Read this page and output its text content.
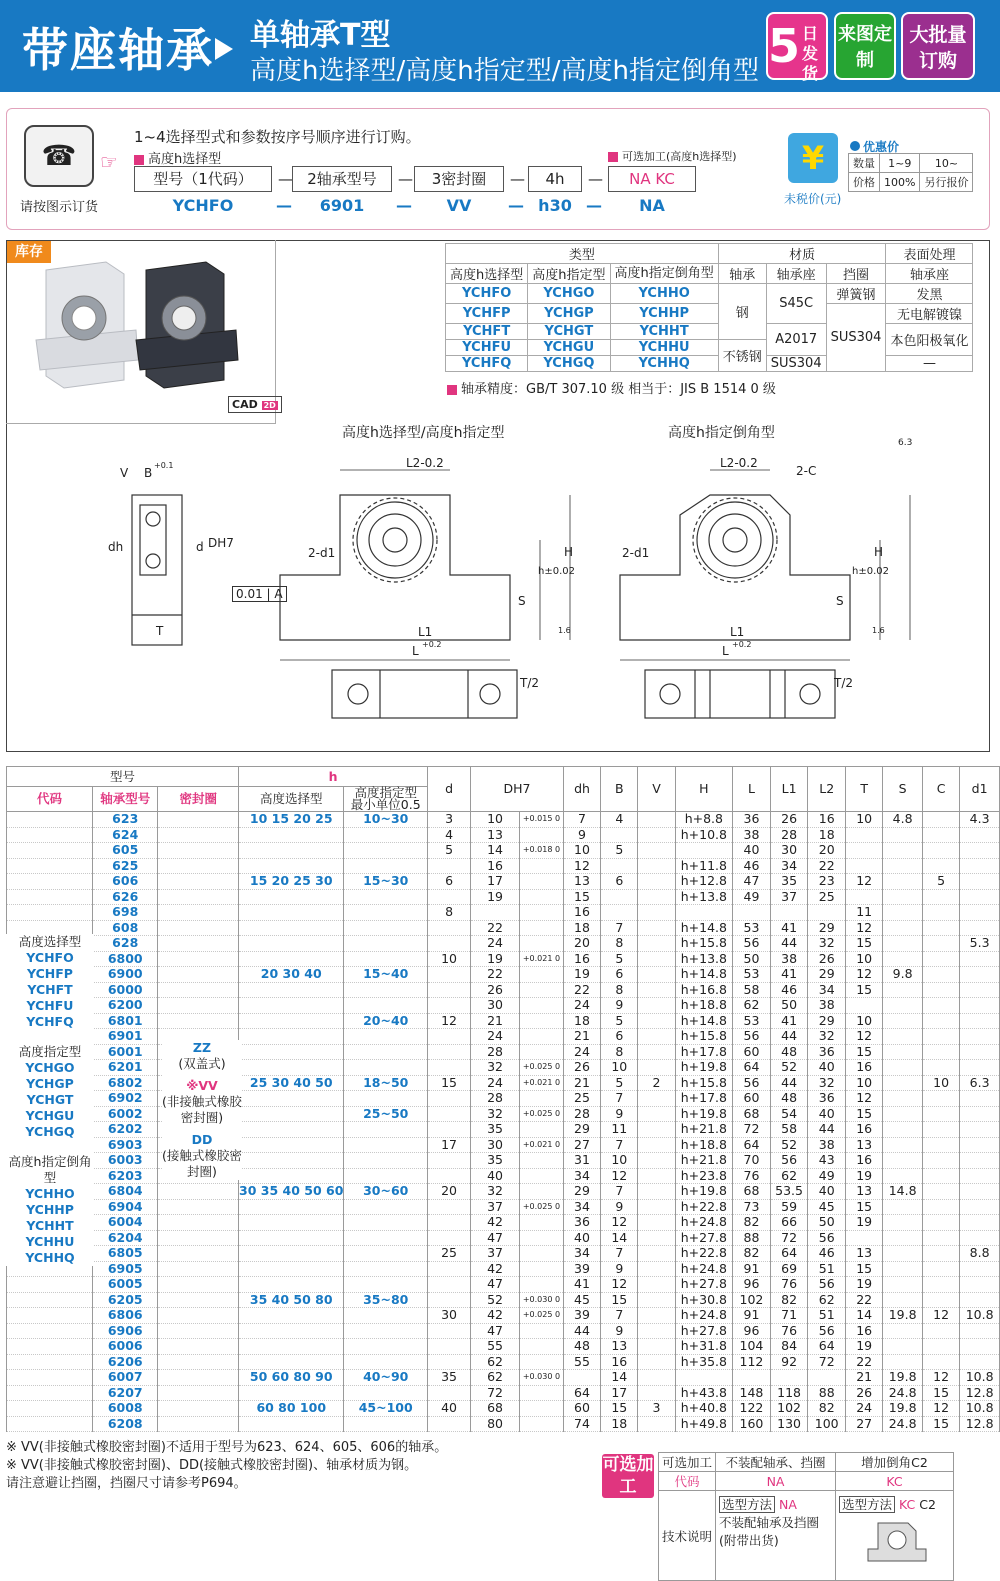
带座轴承 单轴承T型
高度h选择型/高度h指定型/高度h指定倒角型 5 日发货
来图定制
大批量订购
☎
请按图示订货
☞
1~4选择型式和参数按序号顺序进行订购。
高度h选择型	可选加工(高度h选择型)
型号（1代码）	— 2轴承型号	—	3密封圈	—	4h	—	NA KC
YCHFO	—	6901	—	VV	— h30 —	NA
¥
未税价(元)
优惠价
数量	1~9	10~
价格	100%	另行报价
库存
CAD 2D
类型			材质			表面处理
高度h选择型	高度h指定型	高度h指定倒角型				
			轴承	轴承座	挡圈	轴承座
YCHFO	YCHGO	YCHHO	钢	S45C	弹簧钢	发黑
YCHFP	YCHGP	YCHHP			SUS304	无电解镀镍
YCHFT	YCHGT	YCHHT		A2017		本色阳极氧化
YCHFU	YCHGU	YCHHU	不锈钢			
YCHFQ	YCHGQ	YCHHQ		SUS304		—
轴承精度：GB/T 307.10 级 相当于：JIS B 1514 0 级
高度h选择型/高度h指定型	高度h指定倒角型
6.3
V B
+0.1
dh	d DH7
T
0.01 | A
L2-0.2	L2-0.2
2-d1	2-d1
2-C
H	H
h±0.02	h±0.02
S	S
L1	L1
L	L
+0.2	+0.2
T/2	T/2
1.6	1.6
型号			h		d	DH7		dh	B	V	H	L	L1	L2	T	S	C	d1
代码	轴承型号	密封圈	高度选择型	高度指定型
最小单位0.5														
	623		10 15 20 25	10~30	3	10	+0.015 0	7	4		h+8.8	36	26	16	10	4.8		4.3
	624				4	13		9			h+10.8	38	28	18				
	605				5	14	+0.018 0	10	5			40	30	20				
	625					16		12			h+11.8	46	34	22				
	606		15 20 25 30	15~30	6	17		13	6		h+12.8	47	35	23	12		5	
	626					19		15			h+13.8	49	37	25				
	698				8			16							11			
	608					22		18	7		h+14.8	53	41	29	12			
	628					24		20	8		h+15.8	56	44	32	15			5.3
	6800				10	19	+0.021 0	16	5		h+13.8	50	38	26	10			
	6900		20 30 40	15~40		22		19	6		h+14.8	53	41	29	12	9.8		
	6000					26		22	8		h+16.8	58	46	34	15			
	6200					30		24	9		h+18.8	62	50	38				
	6801			20~40	12	21		18	5		h+14.8	53	41	29	10			
	6901					24		21	6		h+15.8	56	44	32	12			
	6001					28		24	8		h+17.8	60	48	36	15			
	6201					32	+0.025 0	26	10		h+19.8	64	52	40	16			
	6802		25 30 40 50	18~50	15	24	+0.021 0	21	5	2	h+15.8	56	44	32	10		10	6.3
	6902					28		25	7		h+17.8	60	48	36	12			
	6002			25~50		32	+0.025 0	28	9		h+19.8	68	54	40	15			
	6202					35		29	11		h+21.8	72	58	44	16			
	6903				17	30	+0.021 0	27	7		h+18.8	64	52	38	13			
	6003					35		31	10		h+21.8	70	56	43	16			
	6203					40		34	12		h+23.8	76	62	49	19			
	6804		30 35 40 50 60	30~60	20	32		29	7		h+19.8	68	53.5	40	13	14.8		
	6904					37	+0.025 0	34	9		h+22.8	73	59	45	15			
	6004					42		36	12		h+24.8	82	66	50	19			
	6204					47		40	14		h+27.8	88	72	56				
	6805				25	37		34	7		h+22.8	82	64	46	13			8.8
	6905					42		39	9		h+24.8	91	69	51	15			
	6005					47		41	12		h+27.8	96	76	56	19			
	6205		35 40 50 80	35~80		52	+0.030 0	45	15		h+30.8	102	82	62	22			
	6806				30	42	+0.025 0	39	7		h+24.8	91	71	51	14	19.8	12	10.8
	6906					47		44	9		h+27.8	96	76	56	16			
	6006					55		48	13		h+31.8	104	84	64	19			
	6206					62		55	16		h+35.8	112	92	72	22			
	6007		50 60 80 90	40~90	35	62	+0.030 0		14						21	19.8	12	10.8
	6207					72		64	17		h+43.8	148	118	88	26	24.8	15	12.8
	6008		60 80 100	45~100	40	68		60	15	3	h+40.8	122	102	82	24	19.8	12	10.8
	6208					80		74	18		h+49.8	160	130	100	27	24.8	15	12.8
高度选择型
YCHFO
YCHFP
YCHFT
YCHFU
YCHFQ
高度指定型
YCHGO
YCHGP
YCHGT
YCHGU
YCHGQ
高度h指定倒角型
YCHHO
YCHHP
YCHHT
YCHHU
YCHHQ
ZZ
(双盖式)
※VV
(非接触式橡胶密封圈)
DD
(接触式橡胶密封圈)
※ VV(非接触式橡胶密封圈)不适用于型号为623、624、605、606的轴承。
※ VV(非接触式橡胶密封圈)、DD(接触式橡胶密封圈)、轴承材质为钢。
请注意避让挡圈，挡圈尺寸请参考P694。
可选加工
可选加工	不装配轴承、挡圈	增加倒角C2
代码	NA	KC
技术说明	选型方法 NA
不装配轴承及挡圈(附带出货)	选型方法 KC C2
